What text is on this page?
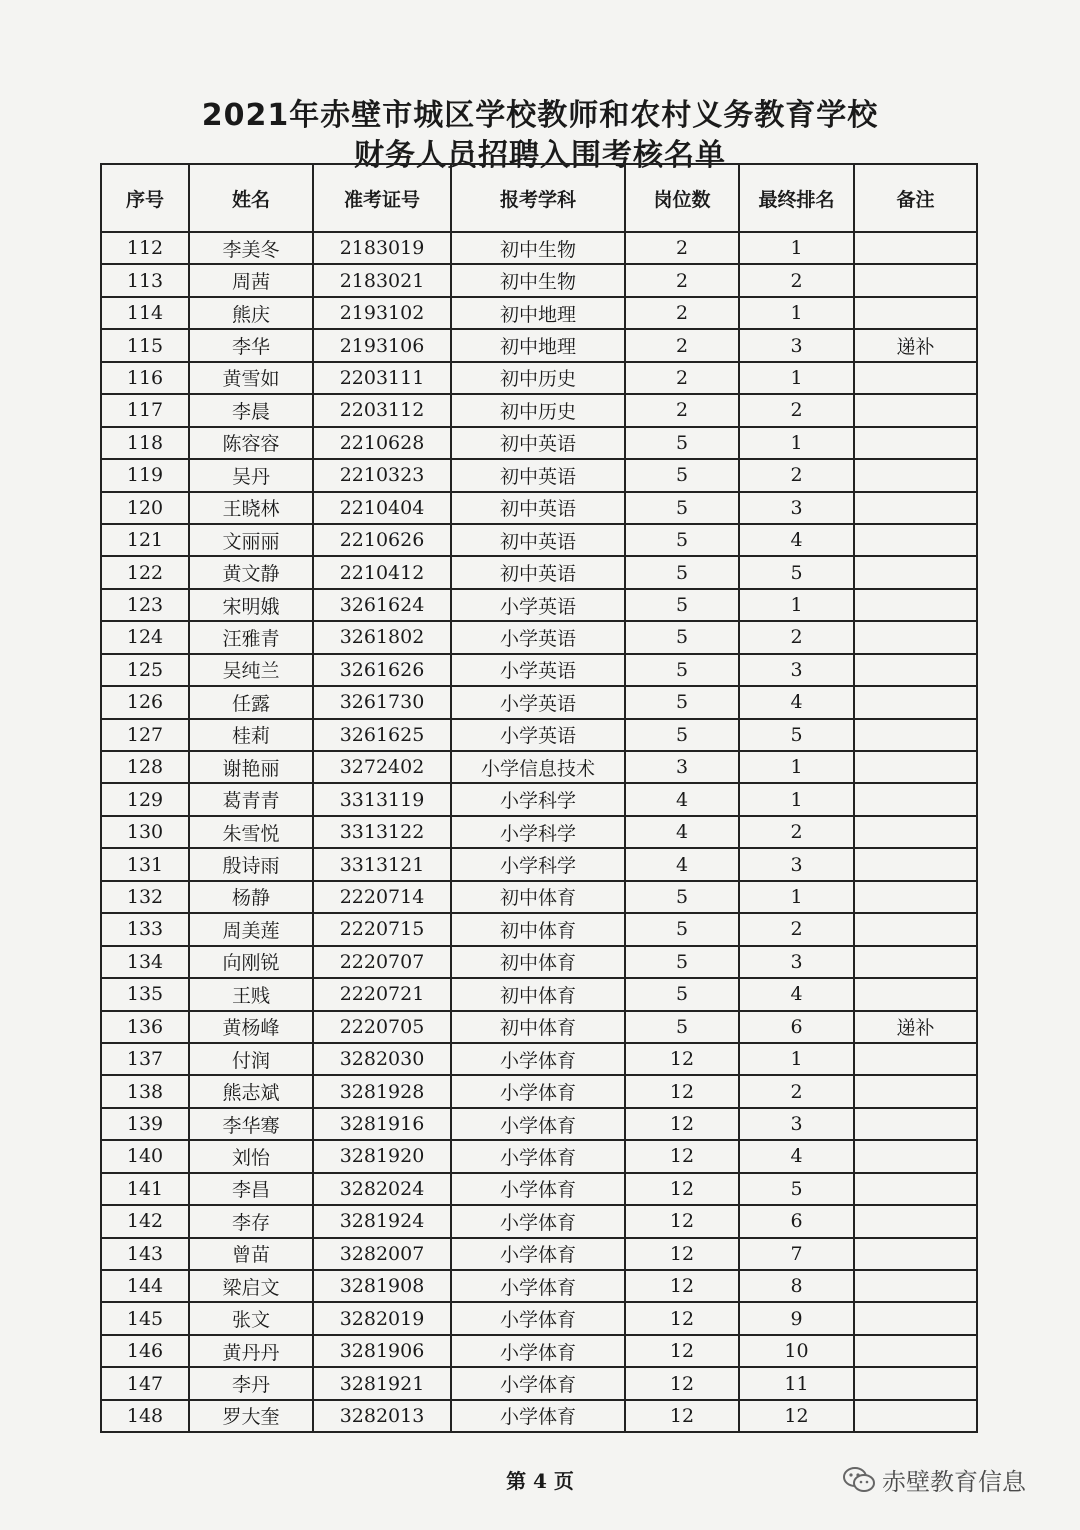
2021年赤壁市城区学校教师和农村义务教育学校
财务人员招聘入围考核名单
序号	姓名	准考证号	报考学科	岗位数	最终排名	备注
112	李美冬	2183019	初中生物	2	1	
113	周茜	2183021	初中生物	2	2	
114	熊庆	2193102	初中地理	2	1	
115	李华	2193106	初中地理	2	3	递补
116	黄雪如	2203111	初中历史	2	1	
117	李晨	2203112	初中历史	2	2	
118	陈容容	2210628	初中英语	5	1	
119	吴丹	2210323	初中英语	5	2	
120	王晓林	2210404	初中英语	5	3	
121	文丽丽	2210626	初中英语	5	4	
122	黄文静	2210412	初中英语	5	5	
123	宋明娥	3261624	小学英语	5	1	
124	汪雅青	3261802	小学英语	5	2	
125	吴纯兰	3261626	小学英语	5	3	
126	任露	3261730	小学英语	5	4	
127	桂莉	3261625	小学英语	5	5	
128	谢艳丽	3272402	小学信息技术	3	1	
129	葛青青	3313119	小学科学	4	1	
130	朱雪悦	3313122	小学科学	4	2	
131	殷诗雨	3313121	小学科学	4	3	
132	杨静	2220714	初中体育	5	1	
133	周美莲	2220715	初中体育	5	2	
134	向刚锐	2220707	初中体育	5	3	
135	王贱	2220721	初中体育	5	4	
136	黄杨峰	2220705	初中体育	5	6	递补
137	付润	3282030	小学体育	12	1	
138	熊志斌	3281928	小学体育	12	2	
139	李华骞	3281916	小学体育	12	3	
140	刘怡	3281920	小学体育	12	4	
141	李昌	3282024	小学体育	12	5	
142	李存	3281924	小学体育	12	6	
143	曾苗	3282007	小学体育	12	7	
144	梁启文	3281908	小学体育	12	8	
145	张文	3282019	小学体育	12	9	
146	黄丹丹	3281906	小学体育	12	10	
147	李丹	3281921	小学体育	12	11	
148	罗大奎	3282013	小学体育	12	12	
第 4 页	赤壁教育信息
